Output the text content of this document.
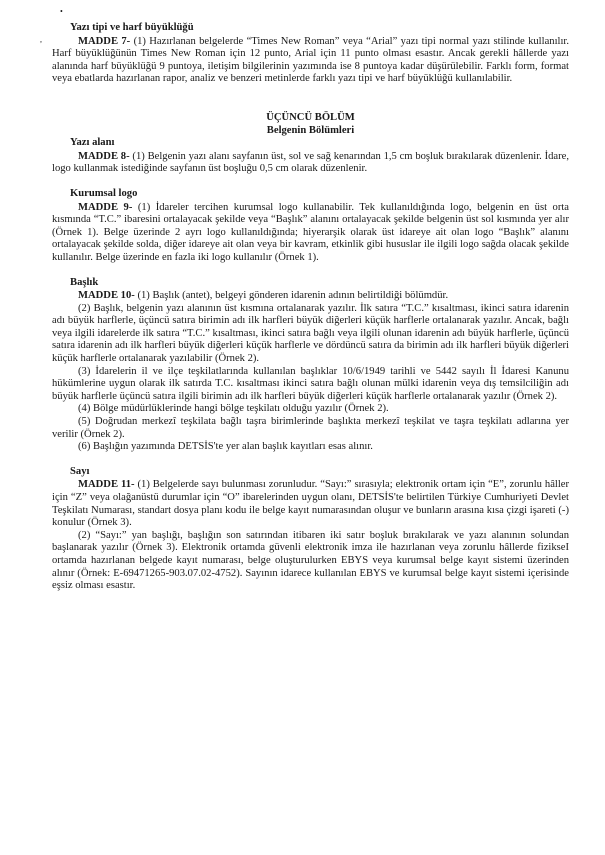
•
,
Yazı tipi ve harf büyüklüğü

MADDE 7- (1) Hazırlanan belgelerde “Times New Roman” veya “Arial” yazı tipi normal yazı stilinde kullanılır. Harf büyüklüğünün Times New Roman için 12 punto, Arial için 11 punto olması esastır. Ancak gerekli hâllerde yazı alanında harf büyüklüğü 9 puntoya, iletişim bilgilerinin yazımında ise 8 puntoya kadar düşürülebilir. Farklı form, format veya ebatlarda hazırlanan rapor, analiz ve benzeri metinlerde farklı yazı tipi ve harf büyüklüğü kullanılabilir.

ÜÇÜNCÜ BÖLÜM

Belgenin Bölümleri

Yazı alanı

MADDE 8- (1) Belgenin yazı alanı sayfanın üst, sol ve sağ kenarından 1,5 cm boşluk bırakılarak düzenlenir. İdare, logo kullanmak istediğinde sayfanın üst boşluğu 0,5 cm olarak düzenlenir.

Kurumsal logo

MADDE 9- (1) İdareler tercihen kurumsal logo kullanabilir. Tek kullanıldığında logo, belgenin en üst orta kısmında “T.C.” ibaresini ortalayacak şekilde veya “Başlık” alanını ortalayacak şekilde belgenin üst sol kısmında yer alır (Örnek 1). Belge üzerinde 2 ayrı logo kullanıldığında; hiyerarşik olarak üst idareye ait olan logo “Başlık” alanını ortalayacak şekilde solda, diğer idareye ait olan veya bir kavram, etkinlik gibi hususlar ile ilgili logo sağda olacak şekilde kullanılır. Belge üzerinde en fazla iki logo kullanılır (Örnek 1).

Başlık

MADDE 10- (1) Başlık (antet), belgeyi gönderen idarenin adının belirtildiği bölümdür.

(2) Başlık, belgenin yazı alanının üst kısmına ortalanarak yazılır. İlk satıra “T.C.” kısaltması, ikinci satıra idarenin adı büyük harflerle, üçüncü satıra birimin adı ilk harfleri büyük diğerleri küçük harflerle ortalanarak yazılır. Ancak, bağlı veya ilgili idarelerde ilk satıra “T.C.” kısaltması, ikinci satıra bağlı veya ilgili olunan idarenin adı büyük harflerle, üçüncü satıra idarenin adı ilk harfleri büyük diğerleri küçük harflerle ve dördüncü satıra da birimin adı ilk harfleri büyük diğerleri küçük harflerle ortalanarak yazılabilir (Örnek 2).

(3) İdarelerin il ve ilçe teşkilatlarında kullanılan başlıklar 10/6/1949 tarihli ve 5442 sayılı İl İdaresi Kanunu hükümlerine uygun olarak ilk satırda T.C. kısaltması ikinci satıra bağlı olunan mülki idarenin veya dış temsilciliğin adı büyük harflerle üçüncü satıra ilgili birimin adı ilk harfleri büyük diğerleri küçük harflerle ortalanarak yazılır (Örnek 2).

(4) Bölge müdürlüklerinde hangi bölge teşkilatı olduğu yazılır (Örnek 2).

(5) Doğrudan merkezî teşkilata bağlı taşra birimlerinde başlıkta merkezî teşkilat ve taşra teşkilatı adlarına yer verilir (Örnek 2).

(6) Başlığın yazımında DETSİS'te yer alan başlık kayıtları esas alınır.

Sayı

MADDE 11- (1) Belgelerde sayı bulunması zorunludur. “Sayı:” sırasıyla; elektronik ortam için “E”, zorunlu hâller için “Z” veya olağanüstü durumlar için “O” ibarelerinden uygun olanı, DETSİS'te belirtilen Türkiye Cumhuriyeti Devlet Teşkilatı Numarası, standart dosya planı kodu ile belge kayıt numarasından oluşur ve bunların arasına kısa çizgi işareti (-) konulur (Örnek 3).

(2) “Sayı:” yan başlığı, başlığın son satırından itibaren iki satır boşluk bırakılarak ve yazı alanının solundan başlanarak yazılır (Örnek 3). Elektronik ortamda güvenli elektronik imza ile hazırlanan veya zorunlu hâllerde fizikseI ortamda hazırlanan belgede kayıt numarası, belge oluşturulurken EBYS veya kurumsal belge kayıt sistemi üzerinden alınır (Örnek: E-69471265-903.07.02-4752). Sayının idarece kullanılan EBYS ve kurumsal belge kayıt sistemi içerisinde eşsiz olması esastır.
